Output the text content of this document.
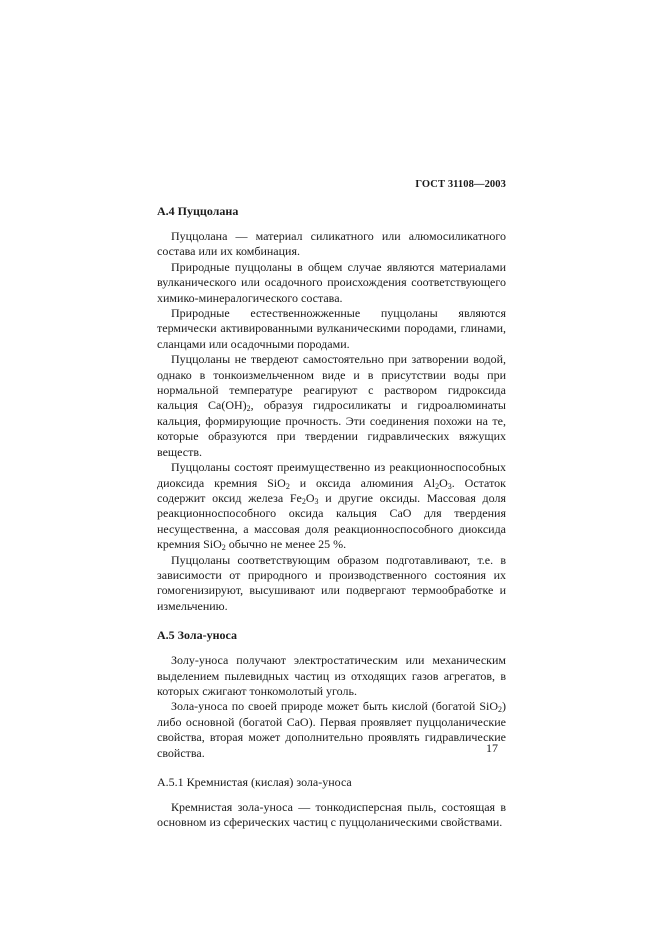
ГОСТ 31108—2003
А.4 Пуццолана

Пуццолана — материал силикатного или алюмосиликатного состава или их комбинация.

Природные пуццоланы в общем случае являются материалами вулканического или осадочного происхождения соответствующего химико-минералогического состава.

Природные естественножженные пуццоланы являются термически активированными вулканическими породами, глинами, сланцами или осадочными породами.

Пуццоланы не твердеют самостоятельно при затворении водой, однако в тонкоизмельченном виде и в присутствии воды при нормальной температуре реагируют с раствором гидроксида кальция $Ca(OH)_2$, образуя гидросиликаты и гидроалюминаты кальция, формирующие прочность. Эти соединения похожи на те, которые образуются при твердении гидравлических вяжущих веществ.

Пуццоланы состоят преимущественно из реакционноспособных диоксида кремния SiO$_2$ и оксида алюминия $Al_2O_3$. Остаток содержит оксид железа $Fe_2O_3$ и другие оксиды. Массовая доля реакционноспособного оксида кальция CaO для твердения несущественна, а массовая доля реакционноспособного диоксида кремния SiO$_2$ обычно не менее 25 %.

Пуццоланы соответствующим образом подготавливают, т.е. в зависимости от природного и производственного состояния их гомогенизируют, высушивают или подвергают термообработке и измельчению.

А.5 Зола-уноса

Золу-уноса получают электростатическим или механическим выделением пылевидных частиц из отходящих газов агрегатов, в которых сжигают тонкомолотый уголь.

Зола-уноса по своей природе может быть кислой (богатой SiO$_2$) либо основной (богатой CaO). Первая проявляет пуццоланические свойства, вторая может дополнительно проявлять гидравлические свойства.

А.5.1 Кремнистая (кислая) зола-уноса

Кремнистая зола-уноса — тонкодисперсная пыль, состоящая в основном из сферических частиц с пуццоланическими свойствами.

17
